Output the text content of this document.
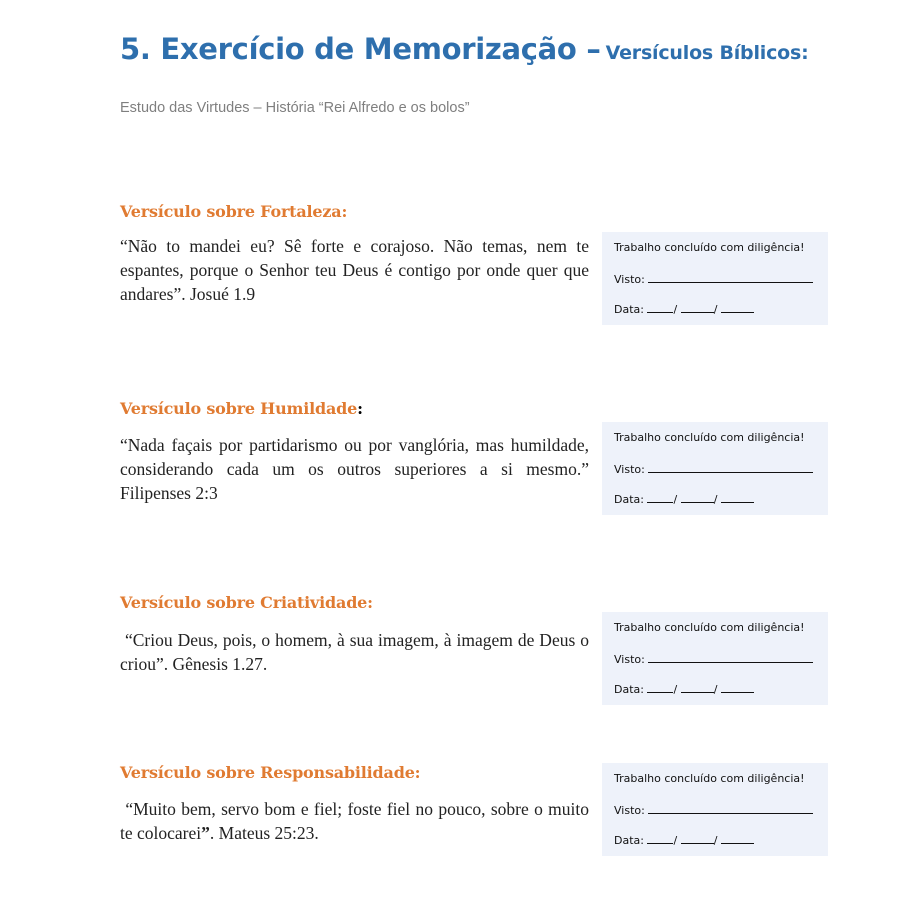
5. Exercício de Memorização – Versículos Bíblicos:
Estudo das Virtudes – História “Rei Alfredo e os bolos”
Versículo sobre Fortaleza:
“Não to mandei eu? Sê forte e corajoso. Não temas, nem te espantes, porque o Senhor teu Deus é contigo por onde quer que andares”. Josué 1.9
Trabalho concluído com diligência!
Visto:
Data:	/	/
Versículo sobre Humildade:
“Nada façais por partidarismo ou por vanglória, mas humildade, considerando cada um os outros superiores a si mesmo.” Filipenses 2:3
Trabalho concluído com diligência!
Visto:
Data:	/	/
Versículo sobre Criatividade:
“Criou Deus, pois, o homem, à sua imagem, à imagem de Deus o criou”. Gênesis 1.27.
Trabalho concluído com diligência!
Visto:
Data:	/	/
Versículo sobre Responsabilidade:
“Muito bem, servo bom e fiel; foste fiel no pouco, sobre o muito te colocarei”. Mateus 25:23.
Trabalho concluído com diligência!
Visto:
Data:	/	/
